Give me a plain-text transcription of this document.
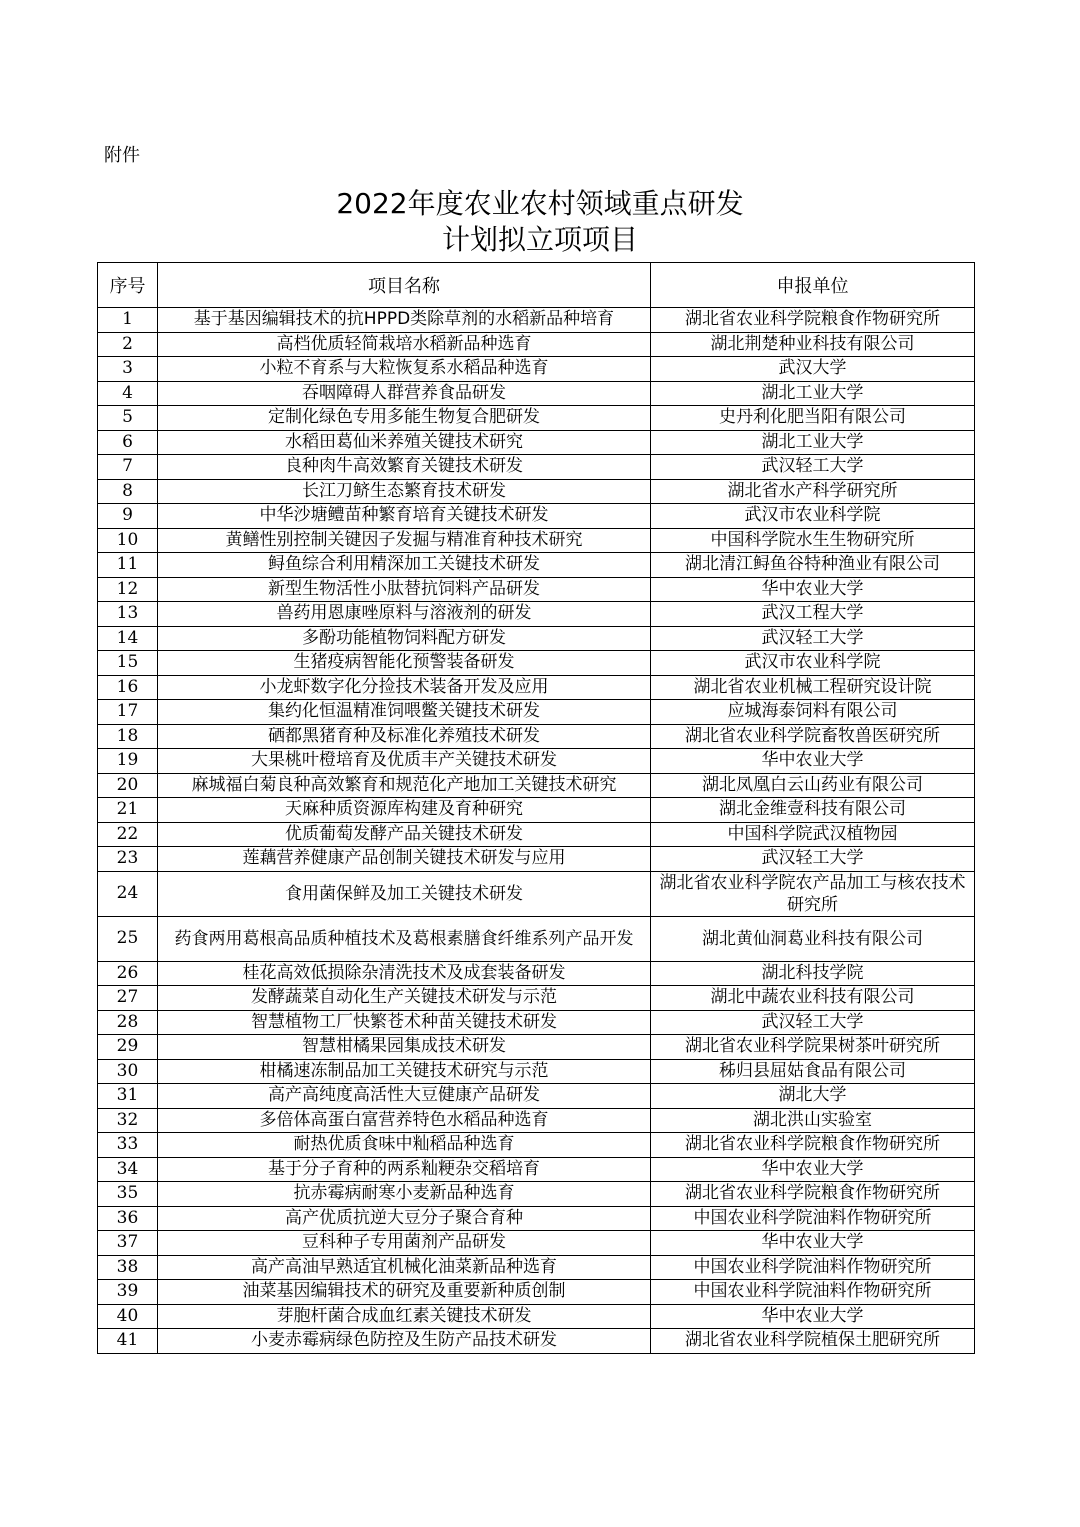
附件
2022年度农业农村领域重点研发
计划拟立项项目
序号	项目名称	申报单位
1	基于基因编辑技术的抗HPPD类除草剂的水稻新品种培育	湖北省农业科学院粮食作物研究所
2	高档优质轻简栽培水稻新品种选育	湖北荆楚种业科技有限公司
3	小粒不育系与大粒恢复系水稻品种选育	武汉大学
4	吞咽障碍人群营养食品研发	湖北工业大学
5	定制化绿色专用多能生物复合肥研发	史丹利化肥当阳有限公司
6	水稻田葛仙米养殖关键技术研究	湖北工业大学
7	良种肉牛高效繁育关键技术研发	武汉轻工大学
8	长江刀鲚生态繁育技术研发	湖北省水产科学研究所
9	中华沙塘鳢苗种繁育培育关键技术研发	武汉市农业科学院
10	黄鳝性别控制关键因子发掘与精准育种技术研究	中国科学院水生生物研究所
11	鲟鱼综合利用精深加工关键技术研发	湖北清江鲟鱼谷特种渔业有限公司
12	新型生物活性小肽替抗饲料产品研发	华中农业大学
13	兽药用恩康唑原料与溶液剂的研发	武汉工程大学
14	多酚功能植物饲料配方研发	武汉轻工大学
15	生猪疫病智能化预警装备研发	武汉市农业科学院
16	小龙虾数字化分捡技术装备开发及应用	湖北省农业机械工程研究设计院
17	集约化恒温精准饲喂鳖关键技术研发	应城海泰饲料有限公司
18	硒都黑猪育种及标准化养殖技术研发	湖北省农业科学院畜牧兽医研究所
19	大果桃叶橙培育及优质丰产关键技术研发	华中农业大学
20	麻城福白菊良种高效繁育和规范化产地加工关键技术研究	湖北凤凰白云山药业有限公司
21	天麻种质资源库构建及育种研究	湖北金维壹科技有限公司
22	优质葡萄发酵产品关键技术研发	中国科学院武汉植物园
23	莲藕营养健康产品创制关键技术研发与应用	武汉轻工大学
24	食用菌保鲜及加工关键技术研发	湖北省农业科学院农产品加工与核农技术研究所
25	药食两用葛根高品质种植技术及葛根素膳食纤维系列产品开发	湖北黄仙洞葛业科技有限公司
26	桂花高效低损除杂清洗技术及成套装备研发	湖北科技学院
27	发酵蔬菜自动化生产关键技术研发与示范	湖北中蔬农业科技有限公司
28	智慧植物工厂快繁苍术种苗关键技术研发	武汉轻工大学
29	智慧柑橘果园集成技术研发	湖北省农业科学院果树茶叶研究所
30	柑橘速冻制品加工关键技术研究与示范	秭归县屈姑食品有限公司
31	高产高纯度高活性大豆健康产品研发	湖北大学
32	多倍体高蛋白富营养特色水稻品种选育	湖北洪山实验室
33	耐热优质食味中籼稻品种选育	湖北省农业科学院粮食作物研究所
34	基于分子育种的两系籼粳杂交稻培育	华中农业大学
35	抗赤霉病耐寒小麦新品种选育	湖北省农业科学院粮食作物研究所
36	高产优质抗逆大豆分子聚合育种	中国农业科学院油料作物研究所
37	豆科种子专用菌剂产品研发	华中农业大学
38	高产高油早熟适宜机械化油菜新品种选育	中国农业科学院油料作物研究所
39	油菜基因编辑技术的研究及重要新种质创制	中国农业科学院油料作物研究所
40	芽胞杆菌合成血红素关键技术研发	华中农业大学
41	小麦赤霉病绿色防控及生防产品技术研发	湖北省农业科学院植保土肥研究所
